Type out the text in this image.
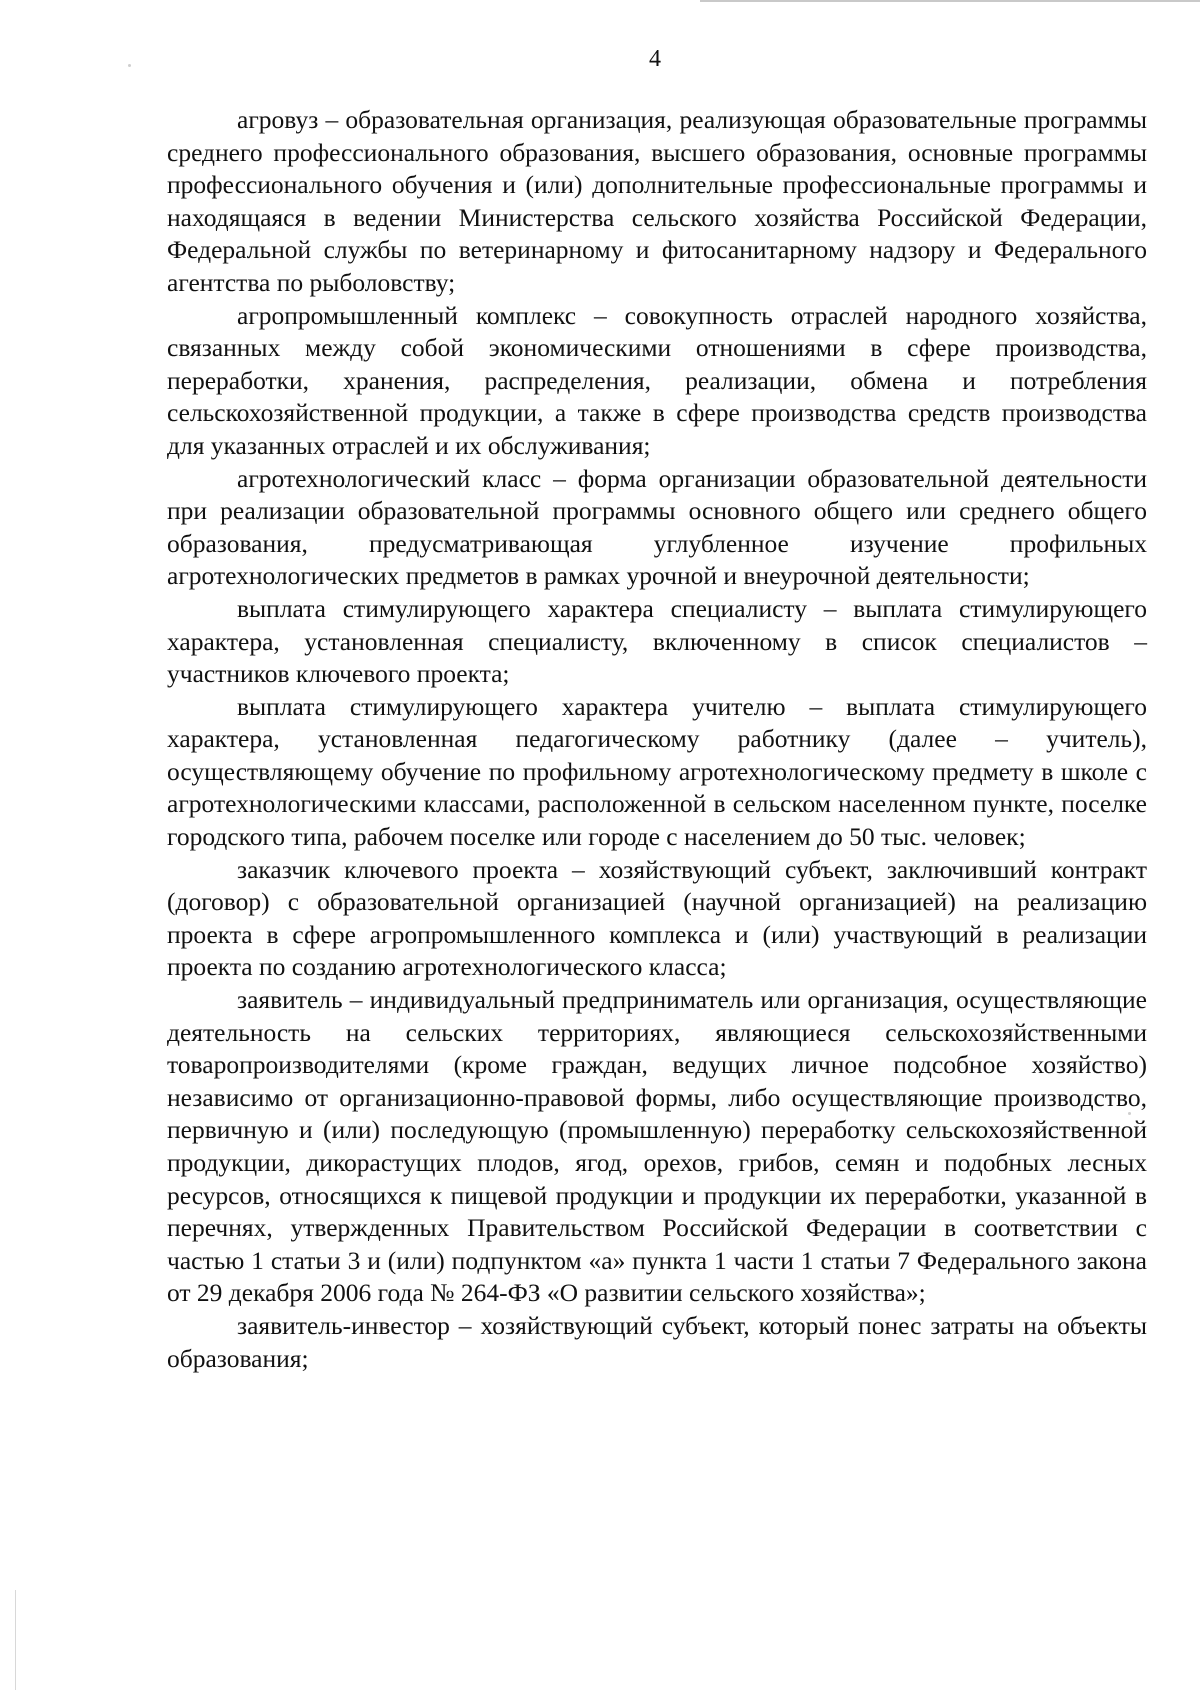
4

агровуз – образовательная организация, реализующая образовательные программы среднего профессионального образования, высшего образования, основные программы профессионального обучения и (или) дополнительные профессиональные программы и находящаяся в ведении Министерства сельского хозяйства Российской Федерации, Федеральной службы по ветеринарному и фитосанитарному надзору и Федерального агентства по рыболовству;

агропромышленный комплекс – совокупность отраслей народного хозяйства, связанных между собой экономическими отношениями в сфере производства, переработки, хранения, распределения, реализации, обмена и потребления сельскохозяйственной продукции, а также в сфере производства средств производства для указанных отраслей и их обслуживания;

агротехнологический класс – форма организации образовательной деятельности при реализации образовательной программы основного общего или среднего общего образования, предусматривающая углубленное изучение профильных агротехнологических предметов в рамках урочной и внеурочной деятельности;

выплата стимулирующего характера специалисту – выплата стимулирующего характера, установленная специалисту, включенному в список специалистов – участников ключевого проекта;

выплата стимулирующего характера учителю – выплата стимулирующего характера, установленная педагогическому работнику (далее – учитель), осуществляющему обучение по профильному агротехнологическому предмету в школе с агротехнологическими классами, расположенной в сельском населенном пункте, поселке городского типа, рабочем поселке или городе с населением до 50 тыс. человек;

заказчик ключевого проекта – хозяйствующий субъект, заключивший контракт (договор) с образовательной организацией (научной организацией) на реализацию проекта в сфере агропромышленного комплекса и (или) участвующий в реализации проекта по созданию агротехнологического класса;

заявитель – индивидуальный предприниматель или организация, осуществляющие деятельность на сельских территориях, являющиеся сельскохозяйственными товаропроизводителями (кроме граждан, ведущих личное подсобное хозяйство) независимо от организационно-правовой формы, либо осуществляющие производство, первичную и (или) последующую (промышленную) переработку сельскохозяйственной продукции, дикорастущих плодов, ягод, орехов, грибов, семян и подобных лесных ресурсов, относящихся к пищевой продукции и продукции их переработки, указанной в перечнях, утвержденных Правительством Российской Федерации в соответствии с частью 1 статьи 3 и (или) подпунктом «а» пункта 1 части 1 статьи 7 Федерального закона от 29 декабря 2006 года № 264-ФЗ «О развитии сельского хозяйства»;

заявитель-инвестор – хозяйствующий субъект, который понес затраты на объекты образования;
